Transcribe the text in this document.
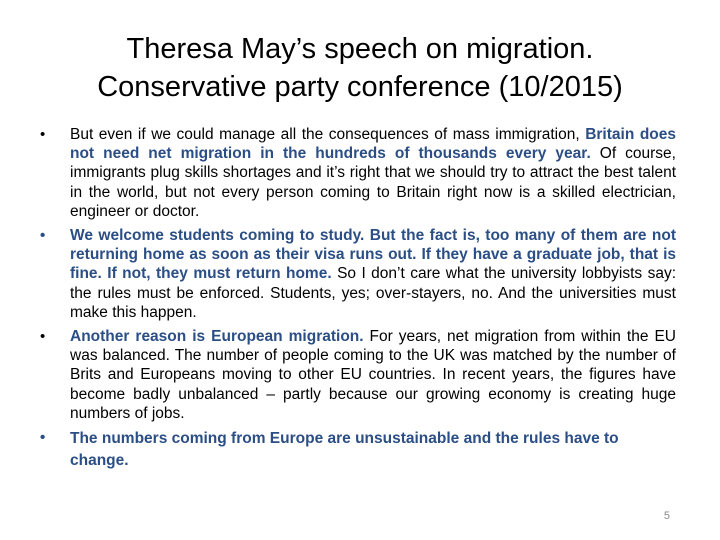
Theresa May’s speech on migration.
Conservative party conference (10/2015)
•	But even if we could manage all the consequences of mass immigration, Britain does not need net migration in the hundreds of thousands every year. Of course, immigrants plug skills shortages and it’s right that we should try to attract the best talent in the world, but not every person coming to Britain right now is a skilled electrician, engineer or doctor.
•	We welcome students coming to study. But the fact is, too many of them are not returning home as soon as their visa runs out. If they have a graduate job, that is fine. If not, they must return home. So I don’t care what the university lobbyists say: the rules must be enforced. Students, yes; over-stayers, no. And the universities must make this happen.
•	Another reason is European migration. For years, net migration from within the EU was balanced. The number of people coming to the UK was matched by the number of Brits and Europeans moving to other EU countries. In recent years, the figures have become badly unbalanced – partly because our growing economy is creating huge numbers of jobs.
•	The numbers coming from Europe are unsustainable and the rules have to change.
5
